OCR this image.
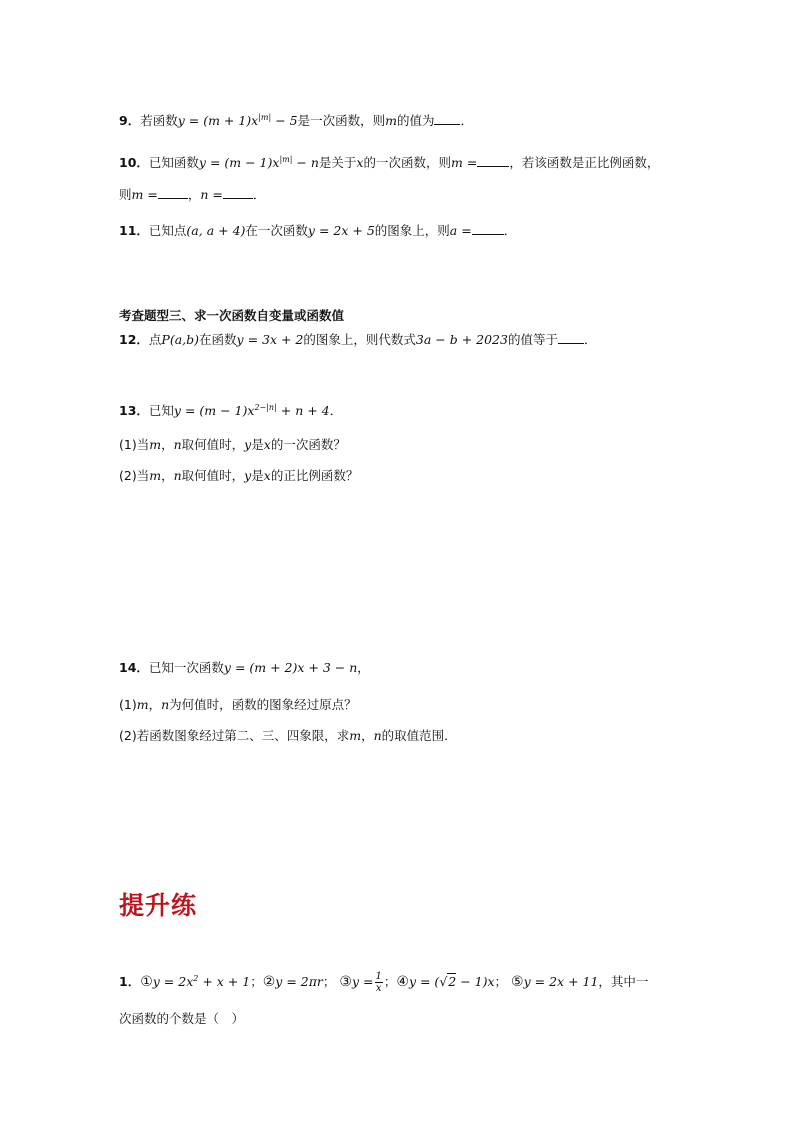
9．若函数$y = (m + 1)x^{|m|} - 5$是一次函数，则m的值为 ．
10．已知函数$y = (m - 1)x^{|m|} - n$是关于x的一次函数，则m =	，若该函数是正比例函数，
则m = ，n = ．
11．已知点(a, a + 4)在一次函数y = 2x + 5的图象上，则a =	．
考查题型三、求一次函数自变量或函数值
12．点P(a,b)在函数y = 3x + 2的图象上，则代数式3a − b + 2023的值等于 ．
13．已知$y = (m - 1)x^{2-|n|} + n + 4$．
(1)当m，n取何值时，y是x的一次函数？
(2)当m，n取何值时，y是x的正比例函数？
14．已知一次函数y = (m + 2)x + 3 − n，
(1)m，n为何值时，函数的图象经过原点？
(2)若函数图象经过第二、三、四象限，求m，n的取值范围．
提升练
1．①y = $2x^2 + x + 1$；②y = 2πr； ③y = $\frac{1}{x}$ ；④y = (√2 − 1)x； ⑤y = 2x + 11，其中一
次函数的个数是（　）
